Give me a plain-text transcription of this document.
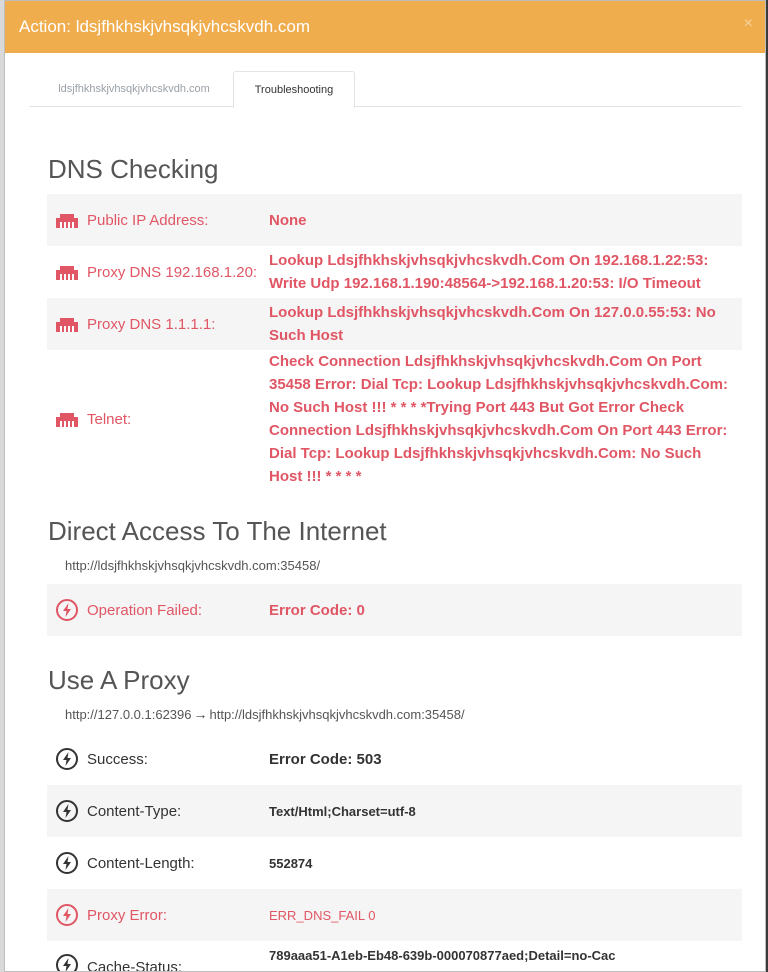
Action: ldsjfhkhskjvhsqkjvhcskvdh.com	×
ldsjfhkhskjvhsqkjvhcskvdh.com	Troubleshooting
DNS Checking
Public IP Address:	None
Proxy DNS 192.168.1.20:
Lookup Ldsjfhkhskjvhsqkjvhcskvdh.Com On 192.168.1.22:53: Write Udp 192.168.1.190:48564->192.168.1.20:53: I/O Timeout
Proxy DNS 1.1.1.1:
Lookup Ldsjfhkhskjvhsqkjvhcskvdh.Com On 127.0.0.55:53: No Such Host
Telnet:
Check Connection Ldsjfhkhskjvhsqkjvhcskvdh.Com On Port 35458 Error: Dial Tcp: Lookup Ldsjfhkhskjvhsqkjvhcskvdh.Com: No Such Host !!! * * * *Trying Port 443 But Got Error Check Connection Ldsjfhkhskjvhsqkjvhcskvdh.Com On Port 443 Error: Dial Tcp: Lookup Ldsjfhkhskjvhsqkjvhcskvdh.Com: No Such Host !!! * * * *
Direct Access To The Internet
http://ldsjfhkhskjvhsqkjvhcskvdh.com:35458/
Operation Failed:	Error Code: 0
Use A Proxy
http://127.0.0.1:62396 → http://ldsjfhkhskjvhsqkjvhcskvdh.com:35458/
Success:	Error Code: 503
Content-Type:	Text/Html;Charset=utf-8
Content-Length:	552874
Proxy Error:	ERR_DNS_FAIL 0
Cache-Status:
789aaa51-A1eb-Eb48-639b-000070877aed;Detail=no-Cac
